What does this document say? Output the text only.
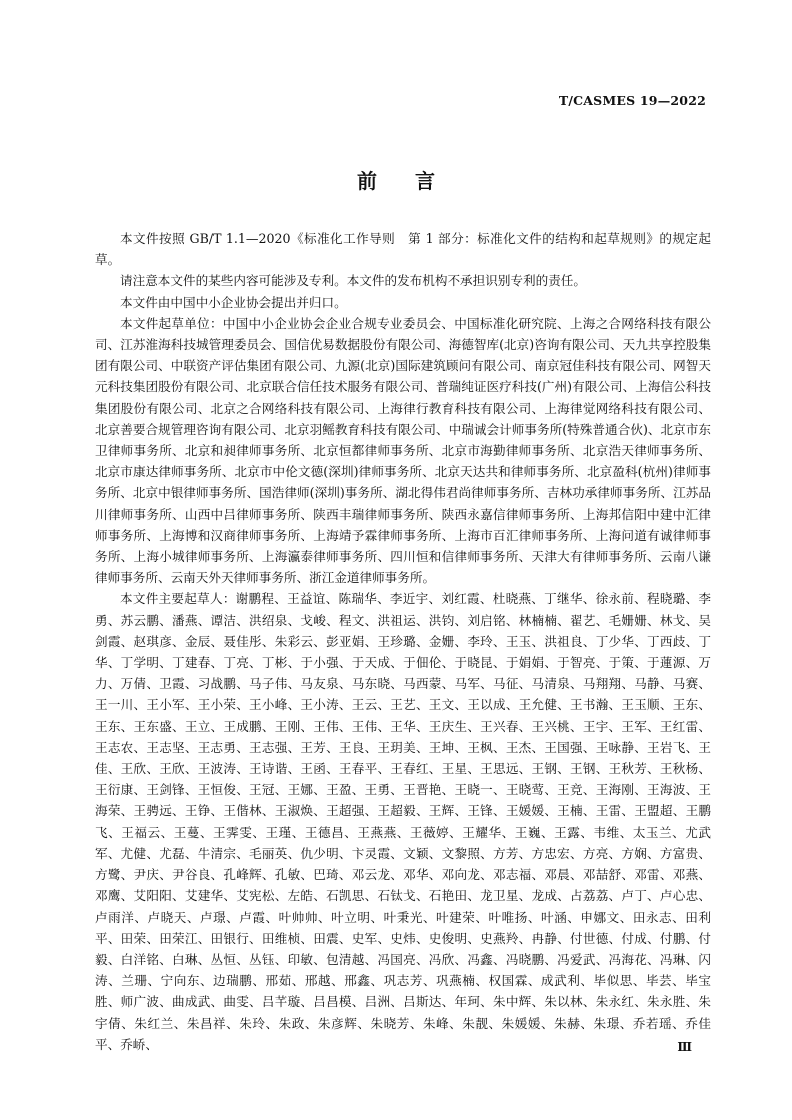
T/CASMES 19—2022
前言

本文件按照 GB/T 1.1—2020《标准化工作导则　第 1 部分：标准化文件的结构和起草规则》的规定起草。

请注意本文件的某些内容可能涉及专利。本文件的发布机构不承担识别专利的责任。

本文件由中国中小企业协会提出并归口。

本文件起草单位：中国中小企业协会企业合规专业委员会、中国标准化研究院、上海之合网络科技有限公司、江苏淮海科技城管理委员会、国信优易数据股份有限公司、海德智库(北京)咨询有限公司、天九共享控股集团有限公司、中联资产评估集团有限公司、九源(北京)国际建筑顾问有限公司、南京冠佳科技有限公司、网智天元科技集团股份有限公司、北京联合信任技术服务有限公司、普瑞纯证医疗科技(广州)有限公司、上海信公科技集团股份有限公司、北京之合网络科技有限公司、上海律行教育科技有限公司、上海律觉网络科技有限公司、北京善要合规管理咨询有限公司、北京羽鳐教育科技有限公司、中瑞诚会计师事务所(特殊普通合伙)、北京市东卫律师事务所、北京和昶律师事务所、北京恒都律师事务所、北京市海勤律师事务所、北京浩天律师事务所、北京市康达律师事务所、北京市中伦文德(深圳)律师事务所、北京天达共和律师事务所、北京盈科(杭州)律师事务所、北京中银律师事务所、国浩律师(深圳)事务所、湖北得伟君尚律师事务所、吉林功承律师事务所、江苏品川律师事务所、山西中吕律师事务所、陕西丰瑞律师事务所、陕西永嘉信律师事务所、上海邦信阳中建中汇律师事务所、上海博和汉商律师事务所、上海靖予霖律师事务所、上海市百汇律师事务所、上海问道有诚律师事务所、上海小城律师事务所、上海瀛泰律师事务所、四川恒和信律师事务所、天津大有律师事务所、云南八谦律师事务所、云南天外天律师事务所、浙江金道律师事务所。

本文件主要起草人：谢鹏程、王益谊、陈瑞华、李近宇、刘红霞、杜晓燕、丁继华、徐永前、程晓璐、李勇、苏云鹏、潘燕、谭洁、洪绍泉、戈峻、程文、洪祖运、洪钧、刘启铭、林楠楠、翟艺、毛姗姗、林戈、吴剑霞、赵琪彦、金辰、聂佳彤、朱彩云、彭亚娟、王珍璐、金姗、李玲、王玉、洪祖良、丁少华、丁西歧、丁华、丁学明、丁建春、丁亮、丁彬、于小强、于天成、于佃伦、于晓昆、于娟娟、于智亮、于策、于蓮源、万力、万倩、卫霞、习战鹏、马子伟、马友泉、马东晓、马西蒙、马军、马征、马清泉、马翔翔、马静、马赛、王一川、王小军、王小荣、王小峰、王小涛、王云、王艺、王文、王以成、王允健、王书瀚、王玉顺、王东、王东、王东盛、王立、王成鹏、王刚、王伟、王伟、王华、王庆生、王兴春、王兴桃、王宇、王军、王红雷、王志农、王志坚、王志勇、王志强、王芳、王良、王玥美、王坤、王枫、王杰、王国强、王咏静、王岩飞、王佳、王欣、王欣、王波涛、王诗谐、王函、王春平、王春红、王星、王思远、王钢、王钢、王秋芳、王秋杨、王衍康、王剑锋、王恒俊、王冠、王娜、王盈、王勇、王晋艳、王晓一、王晓莺、王竞、王海刚、王海波、王海荣、王骋远、王铮、王偕林、王淑焕、王超强、王超毅、王辉、王锋、王媛媛、王楠、王雷、王盟超、王鹏飞、王福云、王蔓、王霁雯、王瑾、王德昌、王燕燕、王薇婷、王耀华、王巍、王露、韦维、太玉兰、尤武军、尤健、尤磊、牛清宗、毛丽英、仇少明、卞灵霞、文颖、文黎照、方芳、方忠宏、方亮、方娴、方富贵、方鹭、尹庆、尹谷良、孔峰辉、孔敏、巴琦、邓云龙、邓华、邓向龙、邓志福、邓晨、邓喆舒、邓雷、邓燕、邓鹰、艾阳阳、艾建华、艾宪松、左皓、石凯思、石钛戈、石艳田、龙卫星、龙成、占荔荔、卢丁、卢心忠、卢雨洋、卢晓天、卢璟、卢霞、叶帅帅、叶立明、叶秉光、叶建荣、叶唯扬、叶涵、申娜文、田永志、田利平、田荣、田荣江、田银行、田维桢、田震、史军、史炜、史俊明、史燕羚、冉静、付世德、付成、付鹏、付毅、白洋铭、白琳、丛恒、丛钰、印敏、包清越、冯国亮、冯欣、冯鑫、冯晓鹏、冯爱武、冯海花、冯琳、闪涛、兰珊、宁向东、边瑞鹏、邢茹、邢越、邢鑫、巩志芳、巩燕楠、权国霖、成武利、毕似思、毕芸、毕宝胜、师广波、曲成武、曲雯、吕芊璇、吕昌模、吕洲、吕斯达、年珂、朱中辉、朱以林、朱永红、朱永胜、朱宇倩、朱红兰、朱昌祥、朱玲、朱政、朱彦辉、朱晓芳、朱峰、朱靓、朱媛媛、朱赫、朱璟、乔若瑶、乔佳平、乔峤、	Ⅲ
